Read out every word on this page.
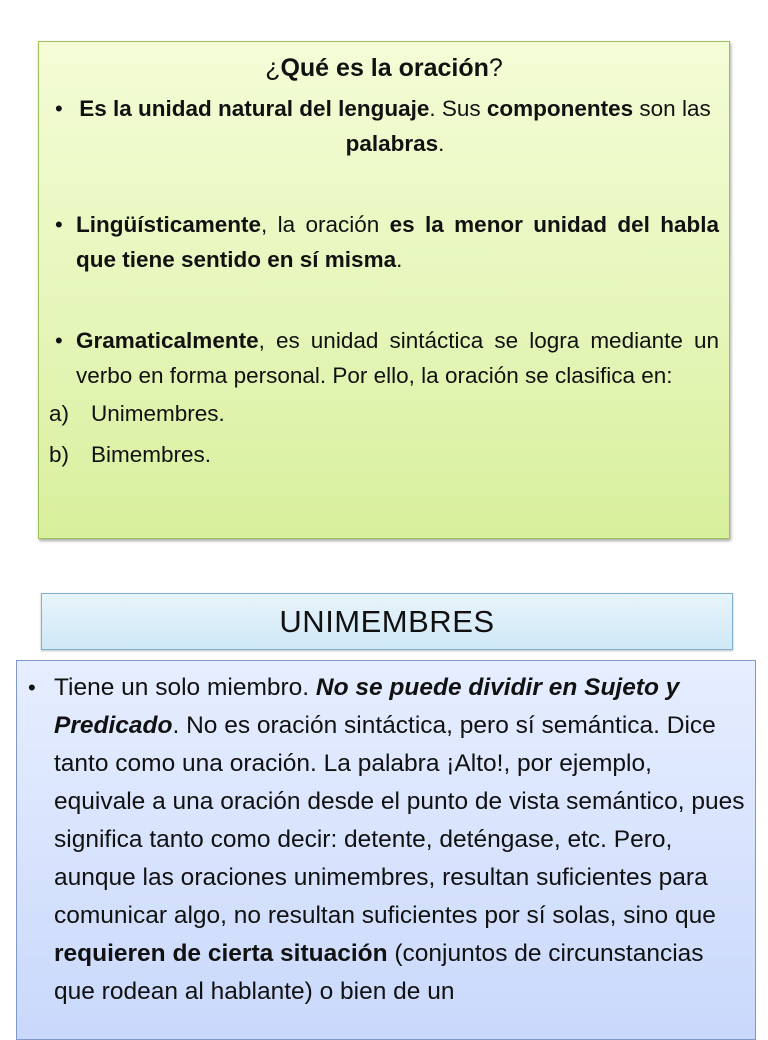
¿Qué es la oración?
• Es la unidad natural del lenguaje. Sus componentes son las palabras.
• Lingüísticamente, la oración es la menor unidad del habla que tiene sentido en sí misma.
• Gramaticalmente, es unidad sintáctica se logra mediante un verbo en forma personal. Por ello, la oración se clasifica en:
a) Unimembres.
b) Bimembres.
UNIMEMBRES
• Tiene un solo miembro. No se puede dividir en Sujeto y Predicado. No es oración sintáctica, pero sí semántica. Dice tanto como una oración. La palabra ¡Alto!, por ejemplo, equivale a una oración desde el punto de vista semántico, pues significa tanto como decir: detente, deténgase, etc. Pero, aunque las oraciones unimembres, resultan suficientes para comunicar algo, no resultan suficientes por sí solas, sino que requieren de cierta situación (conjuntos de circunstancias que rodean al hablante) o bien de un
